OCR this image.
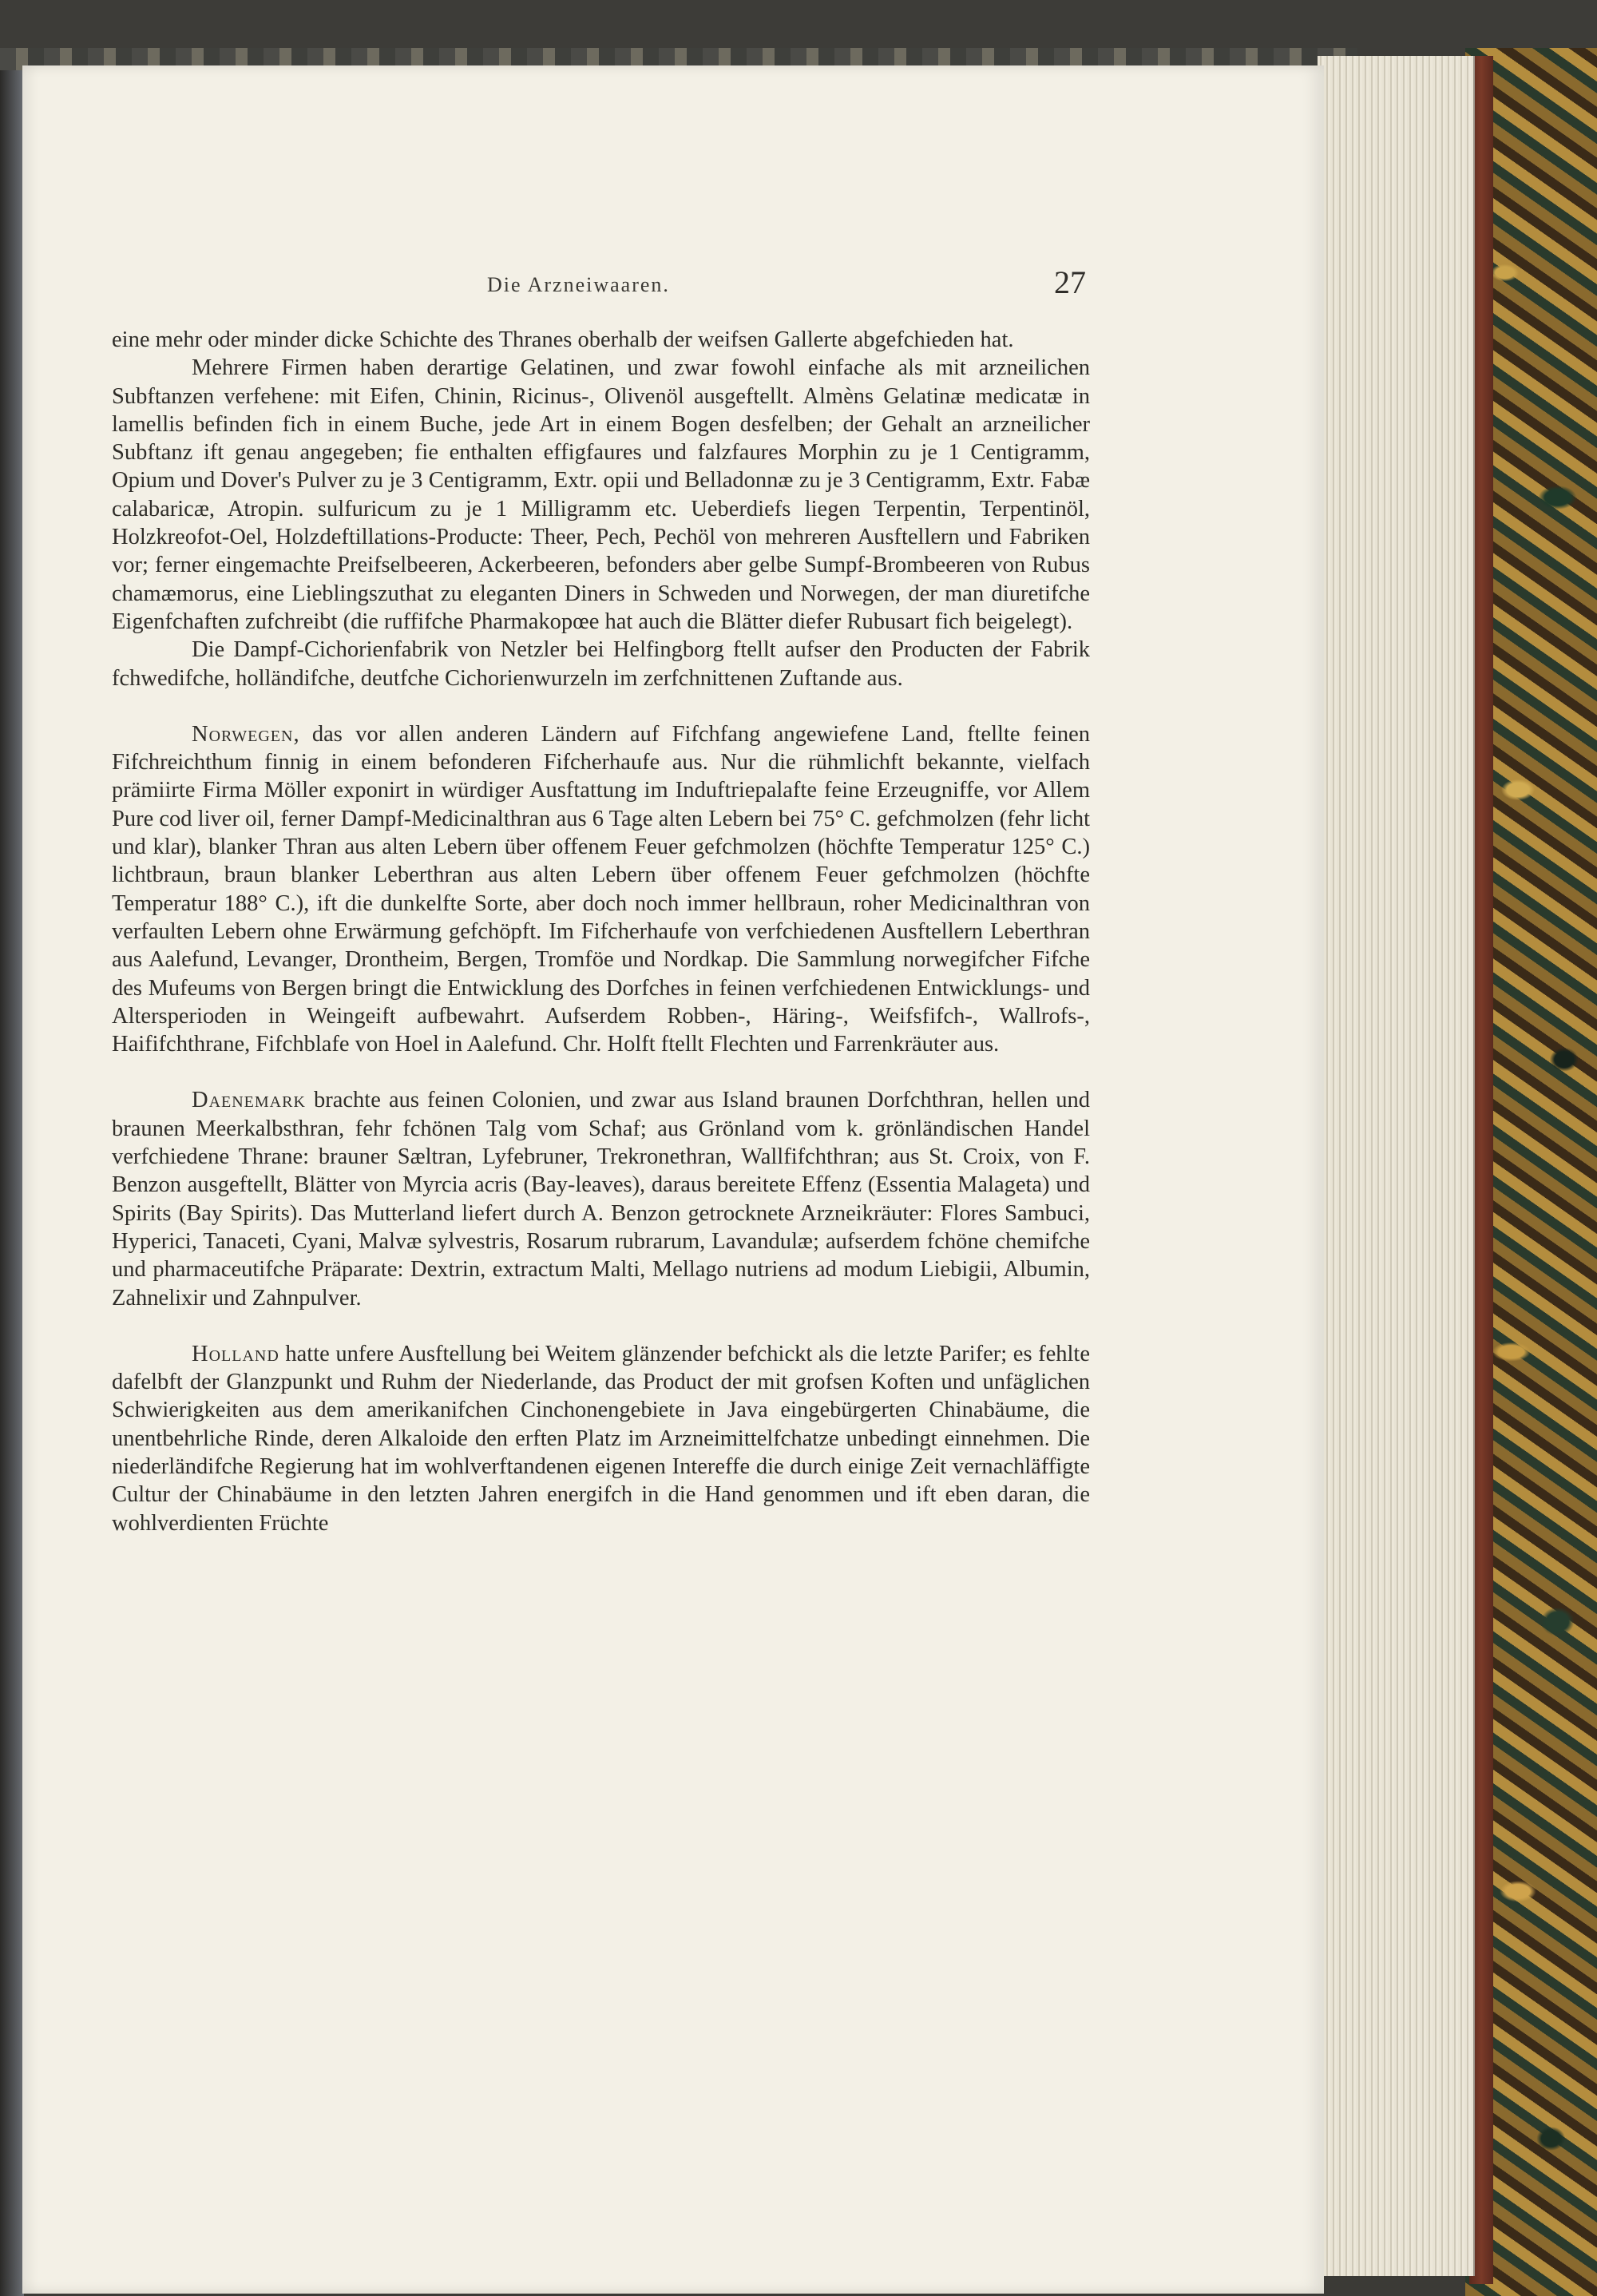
Die Arzneiwaaren.	27

eine mehr oder minder dicke Schichte des Thranes oberhalb der weifsen Gallerte abgefchieden hat.

Mehrere Firmen haben derartige Gelatinen, und zwar fowohl einfache als mit arzneilichen Subftanzen verfehene: mit Eifen, Chinin, Ricinus-, Olivenöl ausgeftellt. Almèns Gelatinæ medicatæ in lamellis befinden fich in einem Buche, jede Art in einem Bogen desfelben; der Gehalt an arzneilicher Subftanz ift genau angegeben; fie enthalten effigfaures und falzfaures Morphin zu je 1 Centigramm, Opium und Dover's Pulver zu je 3 Centigramm, Extr. opii und Belladonnæ zu je 3 Centigramm, Extr. Fabæ calabaricæ, Atropin. sulfuricum zu je 1 Milligramm etc. Ueberdiefs liegen Terpentin, Terpentinöl, Holzkreofot-Oel, Holzdeftillations-Producte: Theer, Pech, Pechöl von mehreren Ausftellern und Fabriken vor; ferner eingemachte Preifselbeeren, Ackerbeeren, befonders aber gelbe Sumpf-Brombeeren von Rubus chamæmorus, eine Lieblingszuthat zu eleganten Diners in Schweden und Norwegen, der man diuretifche Eigenfchaften zufchreibt (die ruffifche Pharmakopœe hat auch die Blätter diefer Rubusart fich beigelegt).

Die Dampf-Cichorienfabrik von Netzler bei Helfingborg ftellt aufser den Producten der Fabrik fchwedifche, holländifche, deutfche Cichorienwurzeln im zerfchnittenen Zuftande aus.

Norwegen, das vor allen anderen Ländern auf Fifchfang angewiefene Land, ftellte feinen Fifchreichthum finnig in einem befonderen Fifcherhaufe aus. Nur die rühmlichft bekannte, vielfach prämiirte Firma Möller exponirt in würdiger Ausftattung im Induftriepalafte feine Erzeugniffe, vor Allem Pure cod liver oil, ferner Dampf-Medicinalthran aus 6 Tage alten Lebern bei 75° C. gefchmolzen (fehr licht und klar), blanker Thran aus alten Lebern über offenem Feuer gefchmolzen (höchfte Temperatur 125° C.) lichtbraun, braun blanker Leberthran aus alten Lebern über offenem Feuer gefchmolzen (höchfte Temperatur 188° C.), ift die dunkelfte Sorte, aber doch noch immer hellbraun, roher Medicinalthran von verfaulten Lebern ohne Erwärmung gefchöpft. Im Fifcherhaufe von verfchiedenen Ausftellern Leberthran aus Aalefund, Levanger, Drontheim, Bergen, Tromföe und Nordkap. Die Sammlung norwegifcher Fifche des Mufeums von Bergen bringt die Entwicklung des Dorfches in feinen verfchiedenen Entwicklungs- und Altersperioden in Weingeift aufbewahrt. Aufserdem Robben-, Häring-, Weifsfifch-, Wallrofs-, Haififchthrane, Fifchblafe von Hoel in Aalefund. Chr. Holft ftellt Flechten und Farrenkräuter aus.

Daenemark brachte aus feinen Colonien, und zwar aus Island braunen Dorfchthran, hellen und braunen Meerkalbsthran, fehr fchönen Talg vom Schaf; aus Grönland vom k. grönländischen Handel verfchiedene Thrane: brauner Sæltran, Lyfebruner, Trekronethran, Wallfifchthran; aus St. Croix, von F. Benzon ausgeftellt, Blätter von Myrcia acris (Bay-leaves), daraus bereitete Effenz (Essentia Malageta) und Spirits (Bay Spirits). Das Mutterland liefert durch A. Benzon getrocknete Arzneikräuter: Flores Sambuci, Hyperici, Tanaceti, Cyani, Malvæ sylvestris, Rosarum rubrarum, Lavandulæ; aufserdem fchöne chemifche und pharmaceutifche Präparate: Dextrin, extractum Malti, Mellago nutriens ad modum Liebigii, Albumin, Zahnelixir und Zahnpulver.

Holland hatte unfere Ausftellung bei Weitem glänzender befchickt als die letzte Parifer; es fehlte dafelbft der Glanzpunkt und Ruhm der Niederlande, das Product der mit grofsen Koften und unfäglichen Schwierigkeiten aus dem amerikanifchen Cinchonengebiete in Java eingebürgerten Chinabäume, die unentbehrliche Rinde, deren Alkaloide den erften Platz im Arzneimittelfchatze unbedingt einnehmen. Die niederländifche Regierung hat im wohlverftandenen eigenen Intereffe die durch einige Zeit vernachläffigte Cultur der Chinabäume in den letzten Jahren energifch in die Hand genommen und ift eben daran, die wohlverdienten Früchte
